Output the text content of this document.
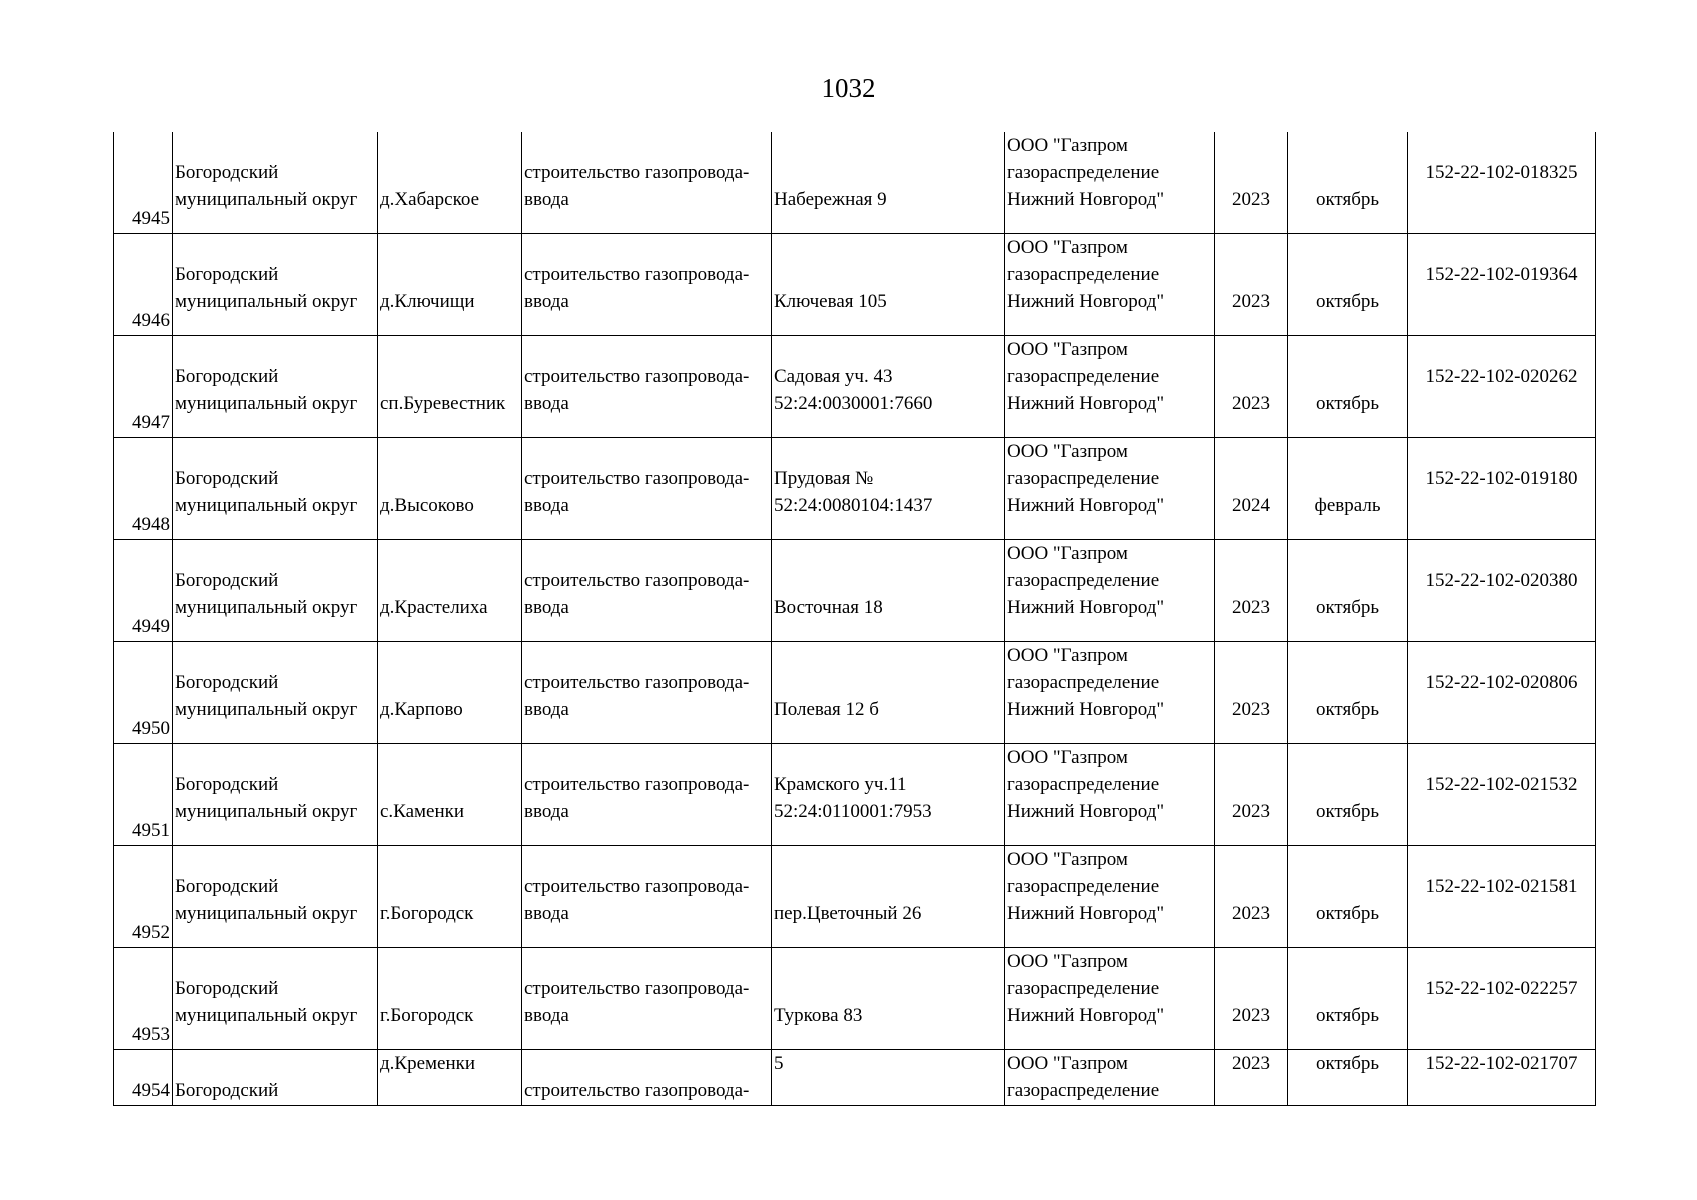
1032
4945	Богородский
муниципальный округ	д.Хабарское	строительство газопровода-
ввода	Набережная 9	ООО "Газпром
газораспределение
Нижний Новгород"	2023	октябрь	152-22-102-018325

4946	Богородский
муниципальный округ	д.Ключищи	строительство газопровода-
ввода	Ключевая 105	ООО "Газпром
газораспределение
Нижний Новгород"	2023	октябрь	152-22-102-019364

4947	Богородский
муниципальный округ	сп.Буревестник	строительство газопровода-
ввода	Садовая уч. 43
52:24:0030001:7660	ООО "Газпром
газораспределение
Нижний Новгород"	2023	октябрь	152-22-102-020262

4948	Богородский
муниципальный округ	д.Высоково	строительство газопровода-
ввода	Прудовая №
52:24:0080104:1437	ООО "Газпром
газораспределение
Нижний Новгород"	2024	февраль	152-22-102-019180

4949	Богородский
муниципальный округ	д.Крастелиха	строительство газопровода-
ввода	Восточная 18	ООО "Газпром
газораспределение
Нижний Новгород"	2023	октябрь	152-22-102-020380

4950	Богородский
муниципальный округ	д.Карпово	строительство газопровода-
ввода	Полевая 12 б	ООО "Газпром
газораспределение
Нижний Новгород"	2023	октябрь	152-22-102-020806

4951	Богородский
муниципальный округ	с.Каменки	строительство газопровода-
ввода	Крамского уч.11
52:24:0110001:7953	ООО "Газпром
газораспределение
Нижний Новгород"	2023	октябрь	152-22-102-021532

4952	Богородский
муниципальный округ	г.Богородск	строительство газопровода-
ввода	пер.Цветочный 26	ООО "Газпром
газораспределение
Нижний Новгород"	2023	октябрь	152-22-102-021581

4953	Богородский
муниципальный округ	г.Богородск	строительство газопровода-
ввода	Туркова 83	ООО "Газпром
газораспределение
Нижний Новгород"	2023	октябрь	152-22-102-022257

4954	Богородский	д.Кременки	строительство газопровода-	5	ООО "Газпром
газораспределение	2023	октябрь	152-22-102-021707
